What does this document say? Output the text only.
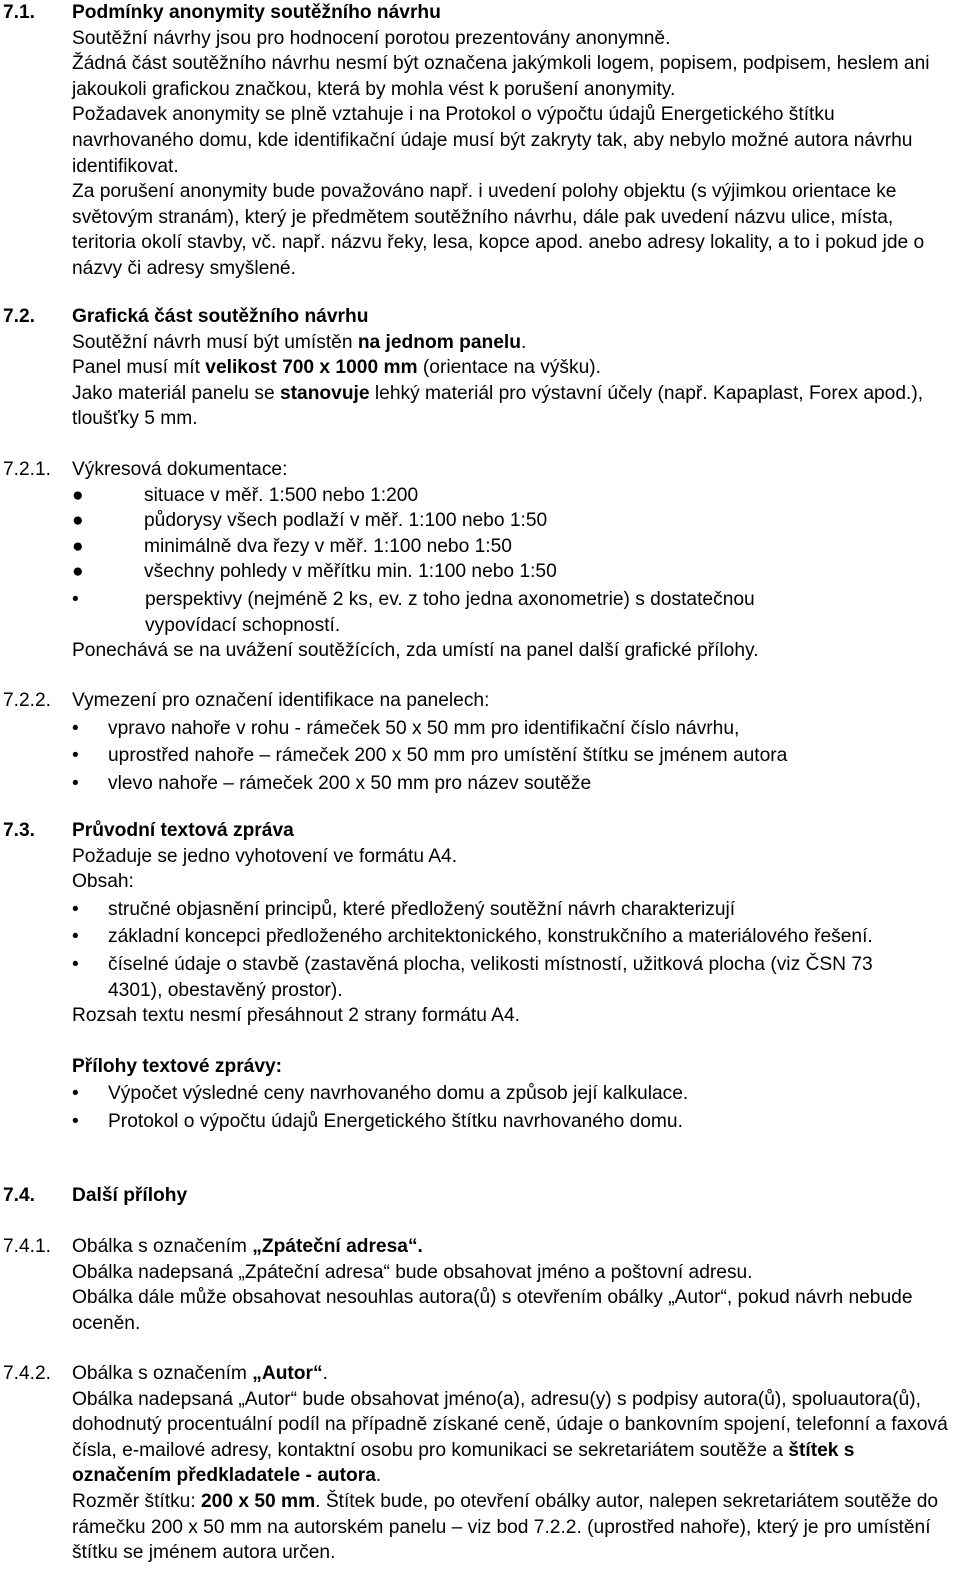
7.1. Podmínky anonymity soutěžního návrhu

Soutěžní návrhy jsou pro hodnocení porotou prezentovány anonymně.

Žádná část soutěžního návrhu nesmí být označena jakýmkoli logem, popisem, podpisem, heslem ani jakoukoli grafickou značkou, která by mohla vést k porušení anonymity.

Požadavek anonymity se plně vztahuje i na Protokol o výpočtu údajů Energetického štítku navrhovaného domu, kde identifikační údaje musí být zakryty tak, aby nebylo možné autora návrhu identifikovat.

Za porušení anonymity bude považováno např. i uvedení polohy objektu (s výjimkou orientace ke světovým stranám), který je předmětem soutěžního návrhu, dále pak uvedení názvu ulice, místa, teritoria okolí stavby, vč. např. názvu řeky, lesa, kopce apod. anebo adresy lokality, a to i pokud jde o názvy či adresy smyšlené.

7.2. Grafická část soutěžního návrhu

Soutěžní návrh musí být umístěn na jednom panelu.

Panel musí mít velikost 700 x 1000 mm (orientace na výšku).

Jako materiál panelu se stanovuje lehký materiál pro výstavní účely (např. Kapaplast, Forex apod.), tloušťky 5 mm.

7.2.1. Výkresová dokumentace:

●	situace v měř. 1:500 nebo 1:200
●	půdorysy všech podlaží v měř. 1:100 nebo 1:50
●	minimálně dva řezy v měř. 1:100 nebo 1:50
●	všechny pohledy v měřítku min. 1:100 nebo 1:50
•	perspektivy (nejméně 2 ks, ev. z toho jedna axonometrie) s dostatečnou vypovídací schopností.

Ponechává se na uvážení soutěžících, zda umístí na panel další grafické přílohy.

7.2.2. Vymezení pro označení identifikace na panelech:

• vpravo nahoře v rohu - rámeček 50 x 50 mm pro identifikační číslo návrhu,
• uprostřed nahoře – rámeček 200 x 50 mm pro umístění štítku se jménem autora
• vlevo nahoře – rámeček 200 x 50 mm pro název soutěže
7.3. Průvodní textová zpráva

Požaduje se jedno vyhotovení ve formátu A4.

Obsah:

• stručné objasnění principů, které předložený soutěžní návrh charakterizují
• základní koncepci předloženého architektonického, konstrukčního a materiálového řešení.
• číselné údaje o stavbě (zastavěná plocha, velikosti místností, užitková plocha (viz ČSN 73 4301), obestavěný prostor).

Rozsah textu nesmí přesáhnout 2 strany formátu A4.

Přílohy textové zprávy:

• Výpočet výsledné ceny navrhovaného domu a způsob její kalkulace.
• Protokol o výpočtu údajů Energetického štítku navrhovaného domu.
7.4. Další přílohy

7.4.1. Obálka s označením „Zpáteční adresa“.

Obálka nadepsaná „Zpáteční adresa“ bude obsahovat jméno a poštovní adresu.

Obálka dále může obsahovat nesouhlas autora(ů) s otevřením obálky „Autor“, pokud návrh nebude oceněn.

7.4.2. Obálka s označením „Autor“.

Obálka nadepsaná „Autor“ bude obsahovat jméno(a), adresu(y) s podpisy autora(ů), spoluautora(ů), dohodnutý procentuální podíl na případně získané ceně, údaje o bankovním spojení, telefonní a faxová čísla, e-mailové adresy, kontaktní osobu pro komunikaci se sekretariátem soutěže a štítek s označením předkladatele - autora.

Rozměr štítku: 200 x 50 mm. Štítek bude, po otevření obálky autor, nalepen sekretariátem soutěže do rámečku 200 x 50 mm na autorském panelu – viz bod 7.2.2. (uprostřed nahoře), který je pro umístění štítku se jménem autora určen.
